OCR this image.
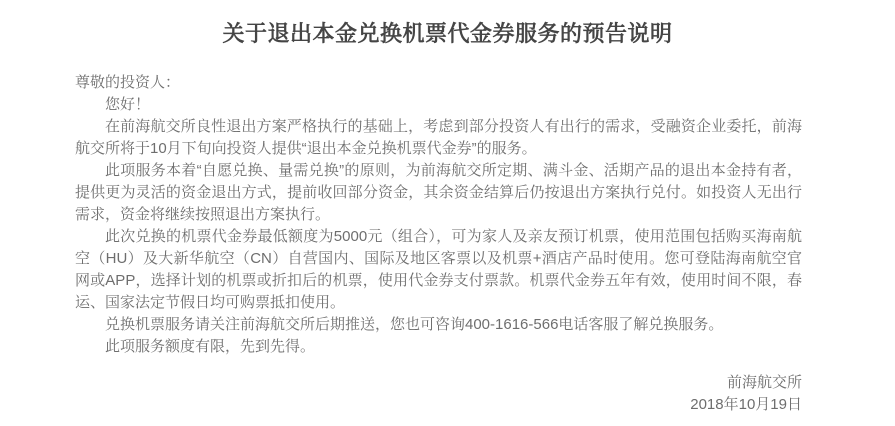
关于退出本金兑换机票代金券服务的预告说明

尊敬的投资人：

您好！

在前海航交所良性退出方案严格执行的基础上，考虑到部分投资人有出行的需求，受融资企业委托，前海航交所将于10月下旬向投资人提供“退出本金兑换机票代金券”的服务。

此项服务本着“自愿兑换、量需兑换”的原则，为前海航交所定期、满斗金、活期产品的退出本金持有者，提供更为灵活的资金退出方式，提前收回部分资金，其余资金结算后仍按退出方案执行兑付。如投资人无出行需求，资金将继续按照退出方案执行。

此次兑换的机票代金券最低额度为5000元（组合），可为家人及亲友预订机票，使用范围包括购买海南航空（HU）及大新华航空（CN）自营国内、国际及地区客票以及机票+酒店产品时使用。您可登陆海南航空官网或APP，选择计划的机票或折扣后的机票，使用代金券支付票款。机票代金券五年有效，使用时间不限，春运、国家法定节假日均可购票抵扣使用。

兑换机票服务请关注前海航交所后期推送，您也可咨询400-1616-566电话客服了解兑换服务。

此项服务额度有限，先到先得。

前海航交所

2018年10月19日
